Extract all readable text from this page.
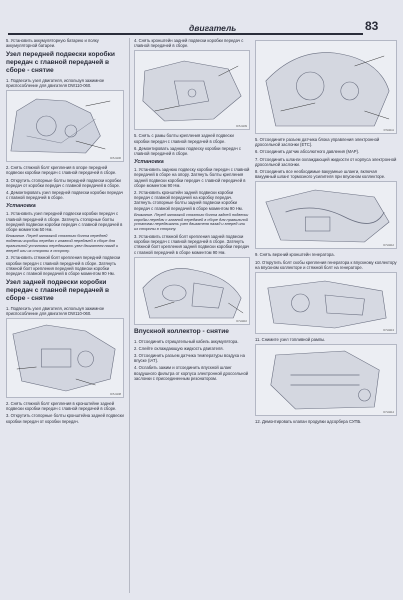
двигатель	83

5. Установить аккумуляторную батарею и полку аккумуляторной батареи.

Узел передней подвески коробки передач с главной передачей в сборе - снятие

1. Подвесить узел двигателя, используя зажимное приспособление для двигателя DW110-060.

D7H1106

2. Снять стяжной болт крепления в опоре передней подвески коробки передач с главной передачей в сборе.

3. Открутить стопорные болты передней подвески коробки передач от коробки передач с главной передачей в сборе.

4. Демонтировать узел передней подвески коробки передач с главной передачей в сборе.

Установка

1. Установить узел передней подвески коробки передач с главной передачей в сборе. Затянуть стопорные болты передней подвески коробки передач с главной передачей в сборе моментом 50 Нм.

Внимание. Перед затяжкой стяжного болта передней подвески коробки передач с главной передачей в сборе для правильной установки передвигать узел двигателя назад и вперед или из стороны в сторону.

2. Установить стяжной болт крепления передней подвески коробки передач с главной передачей в сборе. Затянуть стяжной болт крепления передней подвески коробки передач с главной передачей в сборе моментом 90 Нм.

Узел задней подвески коробки передач с главной передачей в сборе - снятие

1. Подвесить узел двигателя, используя зажимное приспособление для двигателя DW110-060.

D7H1108

2. Снять стяжной болт крепления в кронштейне задней подвески коробки передач с главной передачей в сборе.

3. Открутить стопорные болты кронштейна задней подвески коробки передач от коробки передач.

4. Снять кронштейн задней подвески коробки передач с главной передачей в сборе.

D7H1109

5. Снять с рамы болты крепления задней подвески коробки передач с главной передачей в сборе.

6. Демонтировать заднюю подвеску коробки передач с главной передачей в сборе.

Установка

1. Установить заднюю подвеску коробки передач с главной передачей в сборе на опору. Затянуть болты крепления задней подвески коробки передач с главной передачей в сборе моментом 90 Нм.

2. Установить кронштейн задней подвески коробки передач с главной передачей на коробку передач. Затянуть стопорные болты задней подвески коробки передач с главной передачей в сборе моментом 90 Нм.

Внимание. Перед затяжкой стяжного болта задней подвески коробки передач с главной передачей в сборе для правильной установки передвигать узел двигателя назад и вперед или из стороны в сторону.

3. Установить стяжной болт крепления задней подвески коробки передач с главной передачей в сборе. Затянуть стяжной болт крепления задней подвески коробки передач с главной передачей в сборе моментом 90 Нм.

D7H1110
Впускной коллектор - снятие

1. Отсоединить отрицательный кабель аккумулятора.

2. Слейте охлаждающую жидкость двигателя.

3. Отсоединить разъем датчика температуры воздуха на впуске (IAT).

4. Ослабить зажим и отсоединить впускной шланг воздушного фильтра от корпуса электронной дроссельной заслонки с присоединенным резонатором.

D7H1111

5. Отсоедините разъем датчика блока управления электронной дроссельной заслонки (ETC).

6. Отсоединить датчик абсолютного давления (MAP).

7. Отсоединить шланги охлаждающей жидкости от корпуса электронной дроссельной заслонки.

8. Отсоединить все необходимые вакуумные шланги, включая вакуумный шланг тормозного усилителя при впускном коллекторе.

D7H1112

9. Снять верхний кронштейн генератора.

10. Открутить болт скобы крепления генератора к впускному коллектору на впускном коллекторе и стяжной болт на генераторе.

D7H1113

11. Снимите узел топливной рампы.

D7H1114

12. Демонтировать клапан продувки адсорбера СУПБ.
